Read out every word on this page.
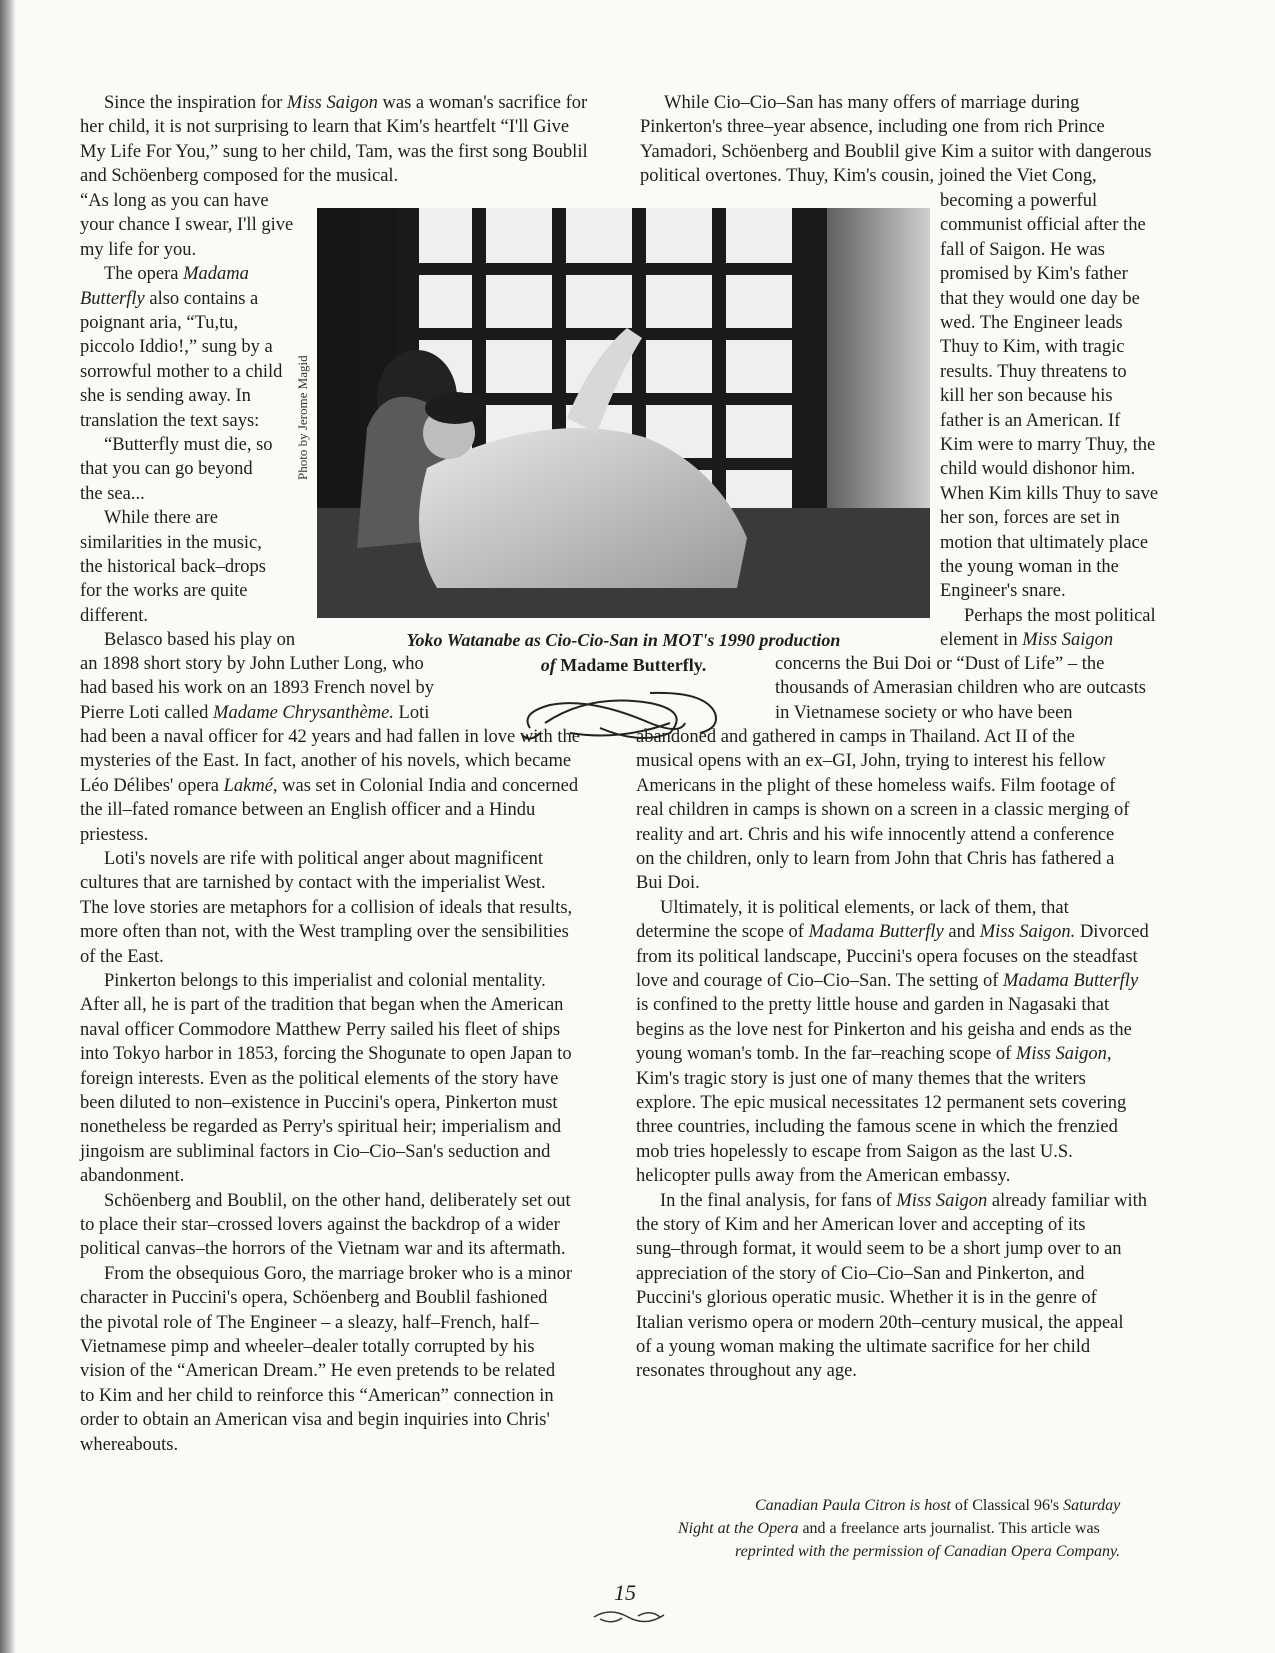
Since the inspiration for Miss Saigon was a woman's sacrifice for
her child, it is not surprising to learn that Kim's heartfelt “I'll Give
My Life For You,” sung to her child, Tam, was the first song Boublil
and Schöenberg composed for the musical.
“As long as you can have
your chance I swear, I'll give
my life for you.
The opera Madama
Butterfly also contains a
poignant aria, “Tu,tu,
piccolo Iddio!,” sung by a
sorrowful mother to a child
she is sending away. In
translation the text says:
“Butterfly must die, so
that you can go beyond
the sea...
While there are
similarities in the music,
the historical back–drops
for the works are quite
different.
Belasco based his play on
an 1898 short story by John Luther Long, who
had based his work on an 1893 French novel by
Pierre Loti called Madame Chrysanthème. Loti
had been a naval officer for 42 years and had fallen in love with the
mysteries of the East. In fact, another of his novels, which became
Léo Délibes' opera Lakmé, was set in Colonial India and concerned
the ill–fated romance between an English officer and a Hindu
priestess.
Loti's novels are rife with political anger about magnificent
cultures that are tarnished by contact with the imperialist West.
The love stories are metaphors for a collision of ideals that results,
more often than not, with the West trampling over the sensibilities
of the East.
Pinkerton belongs to this imperialist and colonial mentality.
After all, he is part of the tradition that began when the American
naval officer Commodore Matthew Perry sailed his fleet of ships
into Tokyo harbor in 1853, forcing the Shogunate to open Japan to
foreign interests. Even as the political elements of the story have
been diluted to non–existence in Puccini's opera, Pinkerton must
nonetheless be regarded as Perry's spiritual heir; imperialism and
jingoism are subliminal factors in Cio–Cio–San's seduction and
abandonment.
Schöenberg and Boublil, on the other hand, deliberately set out
to place their star–crossed lovers against the backdrop of a wider
political canvas–the horrors of the Vietnam war and its aftermath.
From the obsequious Goro, the marriage broker who is a minor
character in Puccini's opera, Schöenberg and Boublil fashioned
the pivotal role of The Engineer – a sleazy, half–French, half–
Vietnamese pimp and wheeler–dealer totally corrupted by his
vision of the “American Dream.” He even pretends to be related
to Kim and her child to reinforce this “American” connection in
order to obtain an American visa and begin inquiries into Chris'
whereabouts.
While Cio–Cio–San has many offers of marriage during
Pinkerton's three–year absence, including one from rich Prince
Yamadori, Schöenberg and Boublil give Kim a suitor with dangerous
political overtones. Thuy, Kim's cousin, joined the Viet Cong,
becoming a powerful
communist official after the
fall of Saigon. He was
promised by Kim's father
that they would one day be
wed. The Engineer leads
Thuy to Kim, with tragic
results. Thuy threatens to
kill her son because his
father is an American. If
Kim were to marry Thuy, the
child would dishonor him.
When Kim kills Thuy to save
her son, forces are set in
motion that ultimately place
the young woman in the
Engineer's snare.
Perhaps the most political
element in Miss Saigon
concerns the Bui Doi or “Dust of Life” – the
thousands of Amerasian children who are outcasts
in Vietnamese society or who have been
abandoned and gathered in camps in Thailand. Act II of the
musical opens with an ex–GI, John, trying to interest his fellow
Americans in the plight of these homeless waifs. Film footage of
real children in camps is shown on a screen in a classic merging of
reality and art. Chris and his wife innocently attend a conference
on the children, only to learn from John that Chris has fathered a
Bui Doi.
Ultimately, it is political elements, or lack of them, that
determine the scope of Madama Butterfly and Miss Saigon. Divorced
from its political landscape, Puccini's opera focuses on the steadfast
love and courage of Cio–Cio–San. The setting of Madama Butterfly
is confined to the pretty little house and garden in Nagasaki that
begins as the love nest for Pinkerton and his geisha and ends as the
young woman's tomb. In the far–reaching scope of Miss Saigon,
Kim's tragic story is just one of many themes that the writers
explore. The epic musical necessitates 12 permanent sets covering
three countries, including the famous scene in which the frenzied
mob tries hopelessly to escape from Saigon as the last U.S.
helicopter pulls away from the American embassy.
In the final analysis, for fans of Miss Saigon already familiar with
the story of Kim and her American lover and accepting of its
sung–through format, it would seem to be a short jump over to an
appreciation of the story of Cio–Cio–San and Pinkerton, and
Puccini's glorious operatic music. Whether it is in the genre of
Italian verismo opera or modern 20th–century musical, the appeal
of a young woman making the ultimate sacrifice for her child
resonates throughout any age.
Photo by Jerome Magid
Yoko Watanabe as Cio-Cio-San in MOT's 1990 production
of Madame Butterfly.
Canadian Paula Citron is host of Classical 96's Saturday
Night at the Opera and a freelance arts journalist. This article was
reprinted with the permission of Canadian Opera Company.
15
